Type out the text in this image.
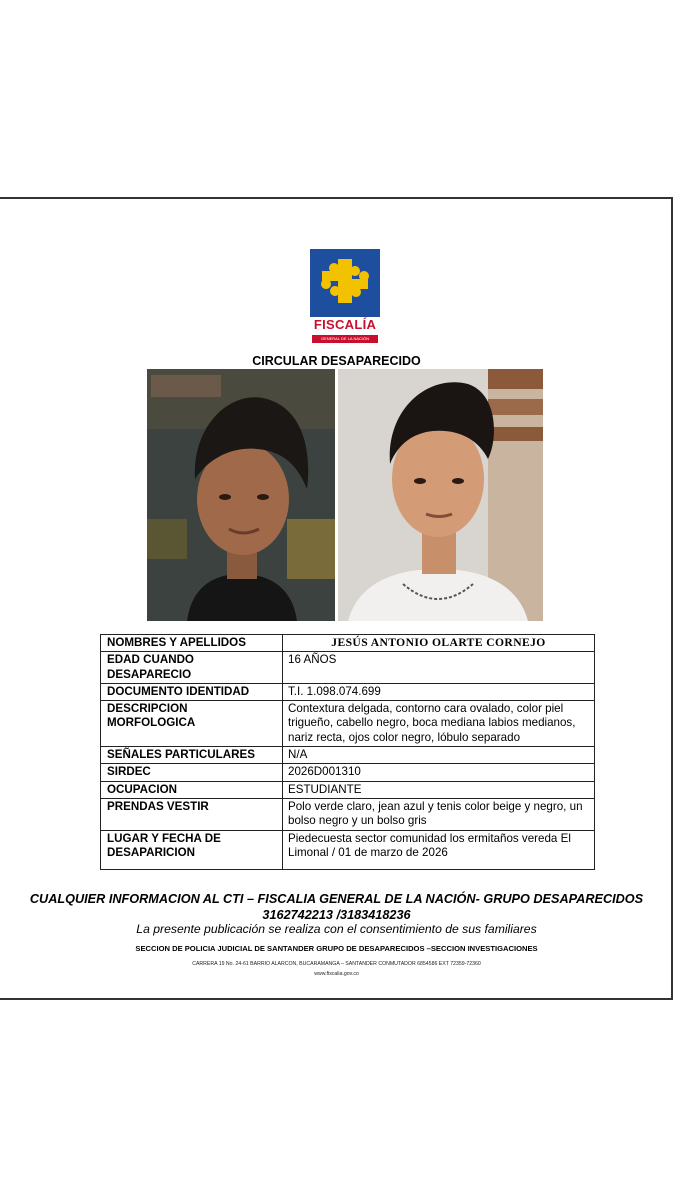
FISCALÍA
GENERAL DE LA NACIÓN
CIRCULAR DESAPARECIDO
NOMBRES Y APELLIDOS	JESÚS ANTONIO OLARTE CORNEJO
EDAD CUANDO DESAPARECIO	16 AÑOS
DOCUMENTO IDENTIDAD	T.I. 1.098.074.699
DESCRIPCION MORFOLOGICA	Contextura delgada, contorno cara ovalado, color piel trigueño, cabello negro, boca mediana labios medianos, nariz recta, ojos color negro, lóbulo separado
SEÑALES PARTICULARES	N/A
SIRDEC	2026D001310
OCUPACION	ESTUDIANTE
PRENDAS VESTIR	Polo verde claro, jean azul y tenis color beige y negro, un bolso negro y un bolso gris
LUGAR Y FECHA DE DESAPARICION	Piedecuesta sector comunidad los ermitaños vereda El Limonal / 01 de marzo de 2026
CUALQUIER INFORMACION AL CTI – FISCALIA GENERAL DE LA NACIÓN- GRUPO DESAPARECIDOS 3162742213 /3183418236
La presente publicación se realiza con el consentimiento de sus familiares
SECCION DE POLICIA JUDICIAL DE SANTANDER GRUPO DE DESAPARECIDOS –SECCION INVESTIGACIONES
CARRERA 19 No. 24-61 BARRIO ALARCON, BUCARAMANGA – SANTANDER CONMUTADOR 6854586 EXT 72359-72360
www.fiscalia.gov.co
